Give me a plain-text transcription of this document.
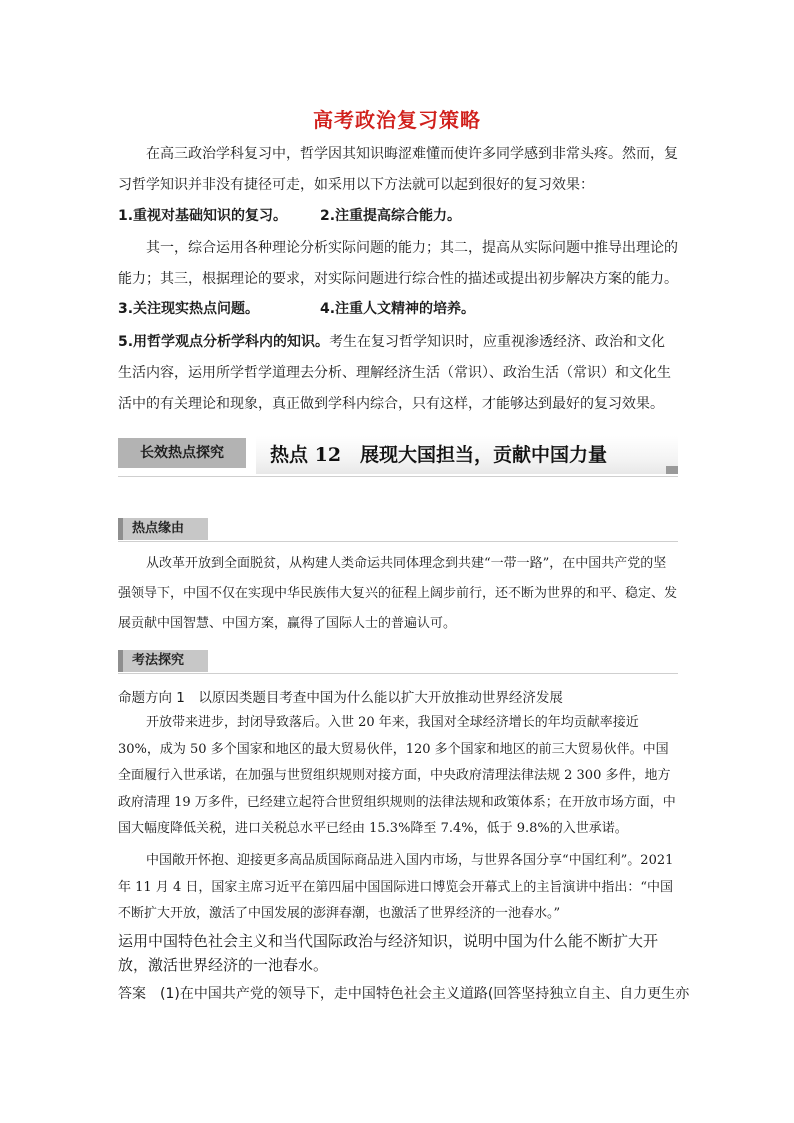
高考政治复习策略

在高三政治学科复习中，哲学因其知识晦涩难懂而使许多同学感到非常头疼。然而，复习哲学知识并非没有捷径可走，如采用以下方法就可以起到很好的复习效果：

1.重视对基础知识的复习。 2.注重提高综合能力。

其一，综合运用各种理论分析实际问题的能力；其二，提高从实际问题中推导出理论的能力；其三，根据理论的要求，对实际问题进行综合性的描述或提出初步解决方案的能力。

3.关注现实热点问题。	4.注重人文精神的培养。

5.用哲学观点分析学科内的知识。考生在复习哲学知识时，应重视渗透经济、政治和文化生活内容，运用所学哲学道理去分析、理解经济生活（常识）、政治生活（常识）和文化生活中的有关理论和现象，真正做到学科内综合，只有这样，才能够达到最好的复习效果。

长效热点探究	热点 12　展现大国担当，贡献中国力量
热点缘由

从改革开放到全面脱贫，从构建人类命运共同体理念到共建“一带一路”，在中国共产党的坚强领导下，中国不仅在实现中华民族伟大复兴的征程上阔步前行，还不断为世界的和平、稳定、发展贡献中国智慧、中国方案，赢得了国际人士的普遍认可。

考法探究
命题方向 1　以原因类题目考查中国为什么能以扩大开放推动世界经济发展

开放带来进步，封闭导致落后。入世 20 年来，我国对全球经济增长的年均贡献率接近30%，成为 50 多个国家和地区的最大贸易伙伴，120 多个国家和地区的前三大贸易伙伴。中国全面履行入世承诺，在加强与世贸组织规则对接方面，中央政府清理法律法规 2 300 多件，地方政府清理 19 万多件，已经建立起符合世贸组织规则的法律法规和政策体系；在开放市场方面，中国大幅度降低关税，进口关税总水平已经由 15.3%降至 7.4%，低于 9.8%的入世承诺。

中国敞开怀抱、迎接更多高品质国际商品进入国内市场，与世界各国分享“中国红利”。2021 年 11 月 4 日，国家主席习近平在第四届中国国际进口博览会开幕式上的主旨演讲中指出：“中国不断扩大开放，激活了中国发展的澎湃春潮，也激活了世界经济的一池春水。”

运用中国特色社会主义和当代国际政治与经济知识，说明中国为什么能不断扩大开放，激活世界经济的一池春水。

答案 (1)在中国共产党的领导下，走中国特色社会主义道路(回答坚持独立自主、自力更生亦
